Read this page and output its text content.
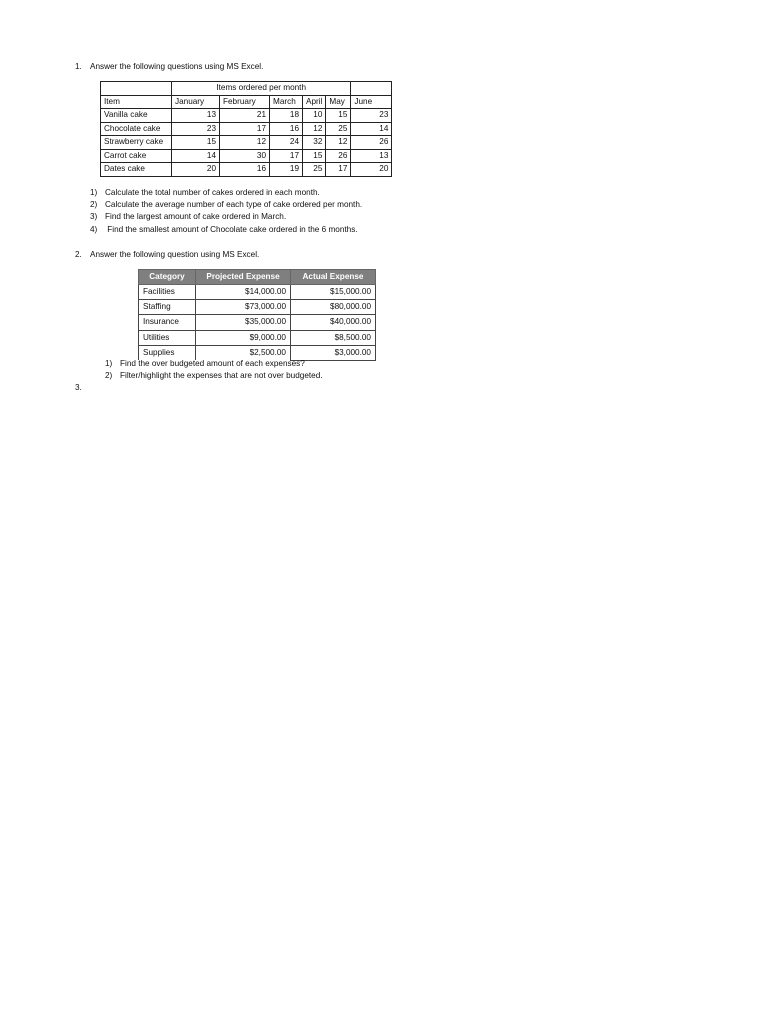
1. Answer the following questions using MS Excel.
	Items ordered per month					
Item	January	February	March	April	May	June
Vanilla cake	13	21	18	10	15	23
Chocolate cake	23	17	16	12	25	14
Strawberry cake	15	12	24	32	12	26
Carrot cake	14	30	17	15	26	13
Dates cake	20	16	19	25	17	20
1) Calculate the total number of cakes ordered in each month.
2) Calculate the average number of each type of cake ordered per month.
3) Find the largest amount of cake ordered in March.
4) Find the smallest amount of Chocolate cake ordered in the 6 months.
2. Answer the following question using MS Excel.
Category	Projected Expense	Actual Expense
Facilities	$14,000.00	$15,000.00
Staffing	$73,000.00	$80,000.00
Insurance	$35,000.00	$40,000.00
Utilities	$9,000.00	$8,500.00
Supplies	$2,500.00	$3,000.00
1) Find the over budgeted amount of each expenses?
2) Filter/highlight the expenses that are not over budgeted.
3.
